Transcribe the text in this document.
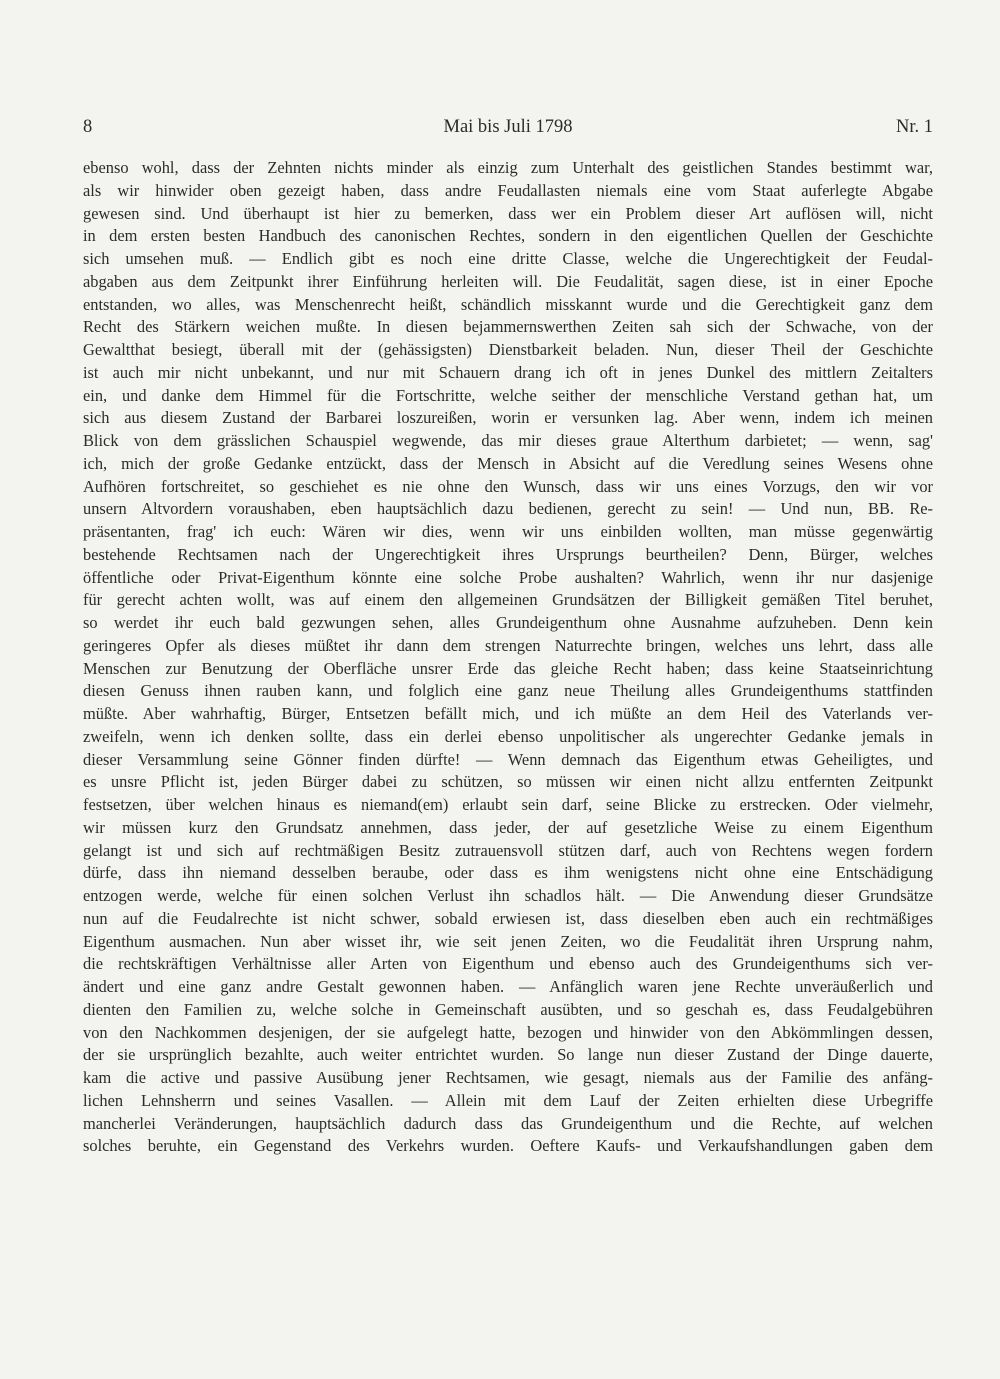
8	Mai bis Juli 1798	Nr. 1
ebenso wohl, dass der Zehnten nichts minder als einzig zum Unterhalt des geistlichen Standes bestimmt war,
als wir hinwider oben gezeigt haben, dass andre Feudallasten niemals eine vom Staat auferlegte Abgabe
gewesen sind. Und überhaupt ist hier zu bemerken, dass wer ein Problem dieser Art auflösen will, nicht
in dem ersten besten Handbuch des canonischen Rechtes, sondern in den eigentlichen Quellen der Geschichte
sich umsehen muß. — Endlich gibt es noch eine dritte Classe, welche die Ungerechtigkeit der Feudal-
abgaben aus dem Zeitpunkt ihrer Einführung herleiten will. Die Feudalität, sagen diese, ist in einer Epoche
entstanden, wo alles, was Menschenrecht heißt, schändlich misskannt wurde und die Gerechtigkeit ganz dem
Recht des Stärkern weichen mußte. In diesen bejammernswerthen Zeiten sah sich der Schwache, von der
Gewaltthat besiegt, überall mit der (gehässigsten) Dienstbarkeit beladen. Nun, dieser Theil der Geschichte
ist auch mir nicht unbekannt, und nur mit Schauern drang ich oft in jenes Dunkel des mittlern Zeitalters
ein, und danke dem Himmel für die Fortschritte, welche seither der menschliche Verstand gethan hat, um
sich aus diesem Zustand der Barbarei loszureißen, worin er versunken lag. Aber wenn, indem ich meinen
Blick von dem grässlichen Schauspiel wegwende, das mir dieses graue Alterthum darbietet; — wenn, sag'
ich, mich der große Gedanke entzückt, dass der Mensch in Absicht auf die Veredlung seines Wesens ohne
Aufhören fortschreitet, so geschiehet es nie ohne den Wunsch, dass wir uns eines Vorzugs, den wir vor
unsern Altvordern voraushaben, eben hauptsächlich dazu bedienen, gerecht zu sein! — Und nun, BB. Re-
präsentanten, frag' ich euch: Wären wir dies, wenn wir uns einbilden wollten, man müsse gegenwärtig
bestehende Rechtsamen nach der Ungerechtigkeit ihres Ursprungs beurtheilen? Denn, Bürger, welches
öffentliche oder Privat-Eigenthum könnte eine solche Probe aushalten? Wahrlich, wenn ihr nur dasjenige
für gerecht achten wollt, was auf einem den allgemeinen Grundsätzen der Billigkeit gemäßen Titel beruhet,
so werdet ihr euch bald gezwungen sehen, alles Grundeigenthum ohne Ausnahme aufzuheben. Denn kein
geringeres Opfer als dieses müßtet ihr dann dem strengen Naturrechte bringen, welches uns lehrt, dass alle
Menschen zur Benutzung der Oberfläche unsrer Erde das gleiche Recht haben; dass keine Staatseinrichtung
diesen Genuss ihnen rauben kann, und folglich eine ganz neue Theilung alles Grundeigenthums stattfinden
müßte. Aber wahrhaftig, Bürger, Entsetzen befällt mich, und ich müßte an dem Heil des Vaterlands ver-
zweifeln, wenn ich denken sollte, dass ein derlei ebenso unpolitischer als ungerechter Gedanke jemals in
dieser Versammlung seine Gönner finden dürfte! — Wenn demnach das Eigenthum etwas Geheiligtes, und
es unsre Pflicht ist, jeden Bürger dabei zu schützen, so müssen wir einen nicht allzu entfernten Zeitpunkt
festsetzen, über welchen hinaus es niemand(em) erlaubt sein darf, seine Blicke zu erstrecken. Oder vielmehr,
wir müssen kurz den Grundsatz annehmen, dass jeder, der auf gesetzliche Weise zu einem Eigenthum
gelangt ist und sich auf rechtmäßigen Besitz zutrauensvoll stützen darf, auch von Rechtens wegen fordern
dürfe, dass ihn niemand desselben beraube, oder dass es ihm wenigstens nicht ohne eine Entschädigung
entzogen werde, welche für einen solchen Verlust ihn schadlos hält. — Die Anwendung dieser Grundsätze
nun auf die Feudalrechte ist nicht schwer, sobald erwiesen ist, dass dieselben eben auch ein rechtmäßiges
Eigenthum ausmachen. Nun aber wisset ihr, wie seit jenen Zeiten, wo die Feudalität ihren Ursprung nahm,
die rechtskräftigen Verhältnisse aller Arten von Eigenthum und ebenso auch des Grundeigenthums sich ver-
ändert und eine ganz andre Gestalt gewonnen haben. — Anfänglich waren jene Rechte unveräußerlich und
dienten den Familien zu, welche solche in Gemeinschaft ausübten, und so geschah es, dass Feudalgebühren
von den Nachkommen desjenigen, der sie aufgelegt hatte, bezogen und hinwider von den Abkömmlingen dessen,
der sie ursprünglich bezahlte, auch weiter entrichtet wurden. So lange nun dieser Zustand der Dinge dauerte,
kam die active und passive Ausübung jener Rechtsamen, wie gesagt, niemals aus der Familie des anfäng-
lichen Lehnsherrn und seines Vasallen. — Allein mit dem Lauf der Zeiten erhielten diese Urbegriffe
mancherlei Veränderungen, hauptsächlich dadurch dass das Grundeigenthum und die Rechte, auf welchen
solches beruhte, ein Gegenstand des Verkehrs wurden. Oeftere Kaufs- und Verkaufshandlungen gaben dem
